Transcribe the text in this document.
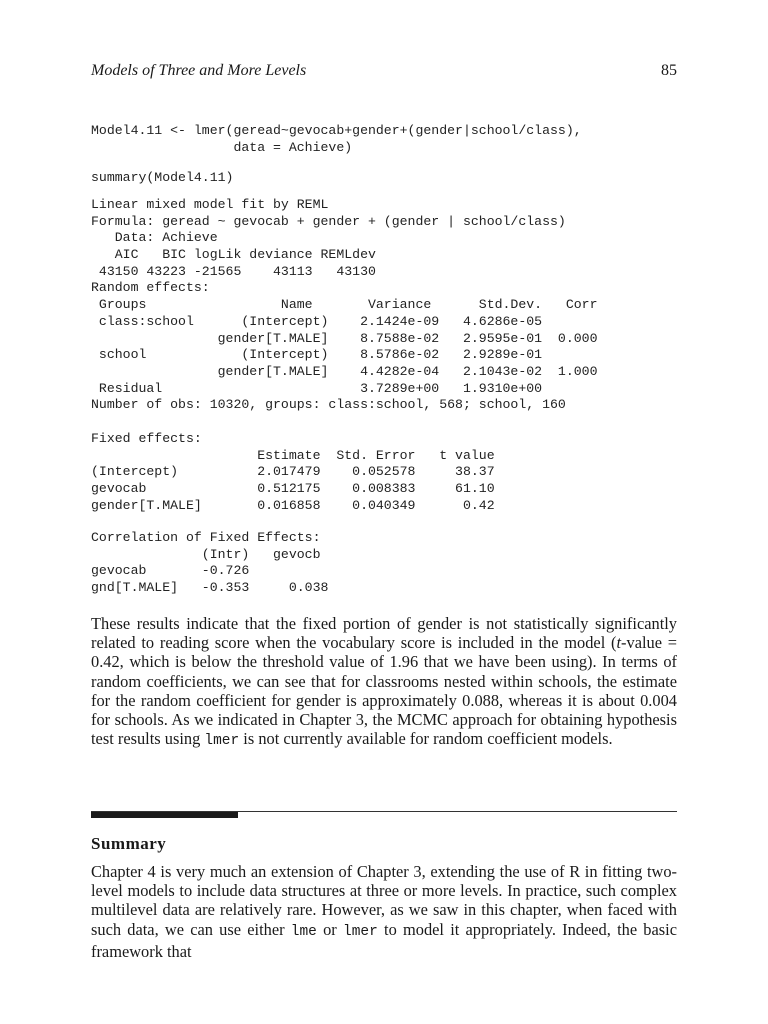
Models of Three and More Levels	85
Model4.11 <- lmer(geread~gevocab+gender+(gender|school/class),
data = Achieve)
summary(Model4.11)
Linear mixed model fit by REML
Formula: geread ~ gevocab + gender + (gender | school/class)
Data: Achieve
AIC   BIC logLik deviance REMLdev
43150 43223 -21565    43113   43130
Random effects:
Groups                 Name       Variance      Std.Dev.   Corr
class:school      (Intercept)    2.1424e-09   4.6286e-05
gender[T.MALE]    8.7588e-02   2.9595e-01  0.000
school            (Intercept)    8.5786e-02   2.9289e-01
gender[T.MALE]    4.4282e-04   2.1043e-02  1.000
Residual                         3.7289e+00   1.9310e+00
Number of obs: 10320, groups: class:school, 568; school, 160
Fixed effects:
Estimate  Std. Error   t value
(Intercept)          2.017479    0.052578     38.37
gevocab              0.512175    0.008383     61.10
gender[T.MALE]       0.016858    0.040349      0.42
Correlation of Fixed Effects:
(Intr)   gevocb
gevocab       -0.726
gnd[T.MALE]   -0.353     0.038

These results indicate that the fixed portion of gender is not statistically significantly related to reading score when the vocabulary score is included in the model (t-value = 0.42, which is below the threshold value of 1.96 that we have been using). In terms of random coefficients, we can see that for classrooms nested within schools, the estimate for the random coefficient for gender is approximately 0.088, whereas it is about 0.004 for schools. As we indicated in Chapter 3, the MCMC approach for obtaining hypothesis test results using lmer is not currently available for random coefficient models.

Summary

Chapter 4 is very much an extension of Chapter 3, extending the use of R in fitting two-level models to include data structures at three or more levels. In practice, such complex multilevel data are relatively rare. However, as we saw in this chapter, when faced with such data, we can use either lme or lmer to model it appropriately. Indeed, the basic framework that
